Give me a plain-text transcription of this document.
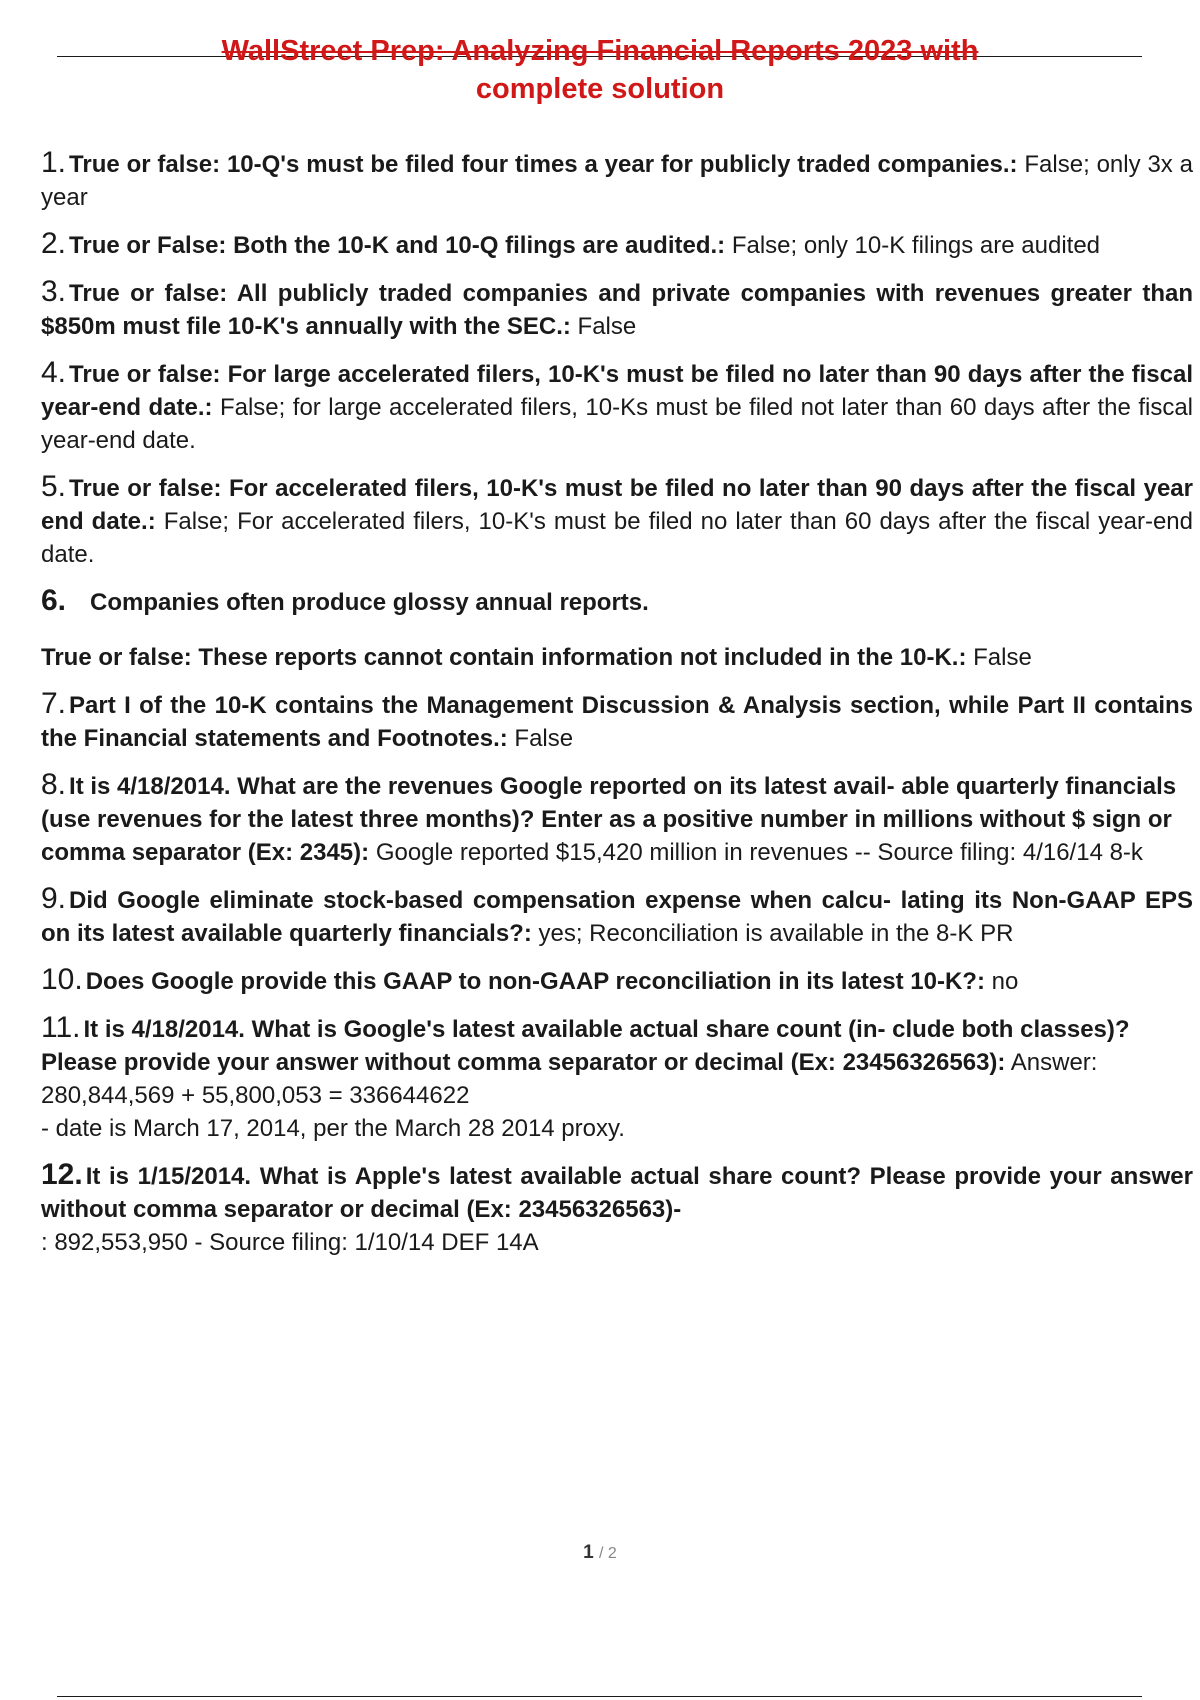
WallStreet Prep: Analyzing Financial Reports 2023 with
complete solution

1. True or false: 10-Q's must be filed four times a year for publicly traded companies.: False; only 3x a year

2. True or False: Both the 10-K and 10-Q filings are audited.: False; only 10-K filings are audited

3. True or false: All publicly traded companies and private companies with revenues greater than $850m must file 10-K's annually with the SEC.: False

4. True or false: For large accelerated filers, 10-K's must be filed no later than 90 days after the fiscal year-end date.: False; for large accelerated filers, 10-Ks must be filed not later than 60 days after the fiscal year-end date.

5. True or false: For accelerated filers, 10-K's must be filed no later than 90 days after the fiscal year end date.: False; For accelerated filers, 10-K's must be filed no later than 60 days after the fiscal year-end date.

6. Companies often produce glossy annual reports.

True or false: These reports cannot contain information not included in the 10-K.: False

7. Part I of the 10-K contains the Management Discussion & Analysis section, while Part II contains the Financial statements and Footnotes.: False

8. It is 4/18/2014. What are the revenues Google reported on its latest avail- able quarterly financials (use revenues for the latest three months)? Enter as a positive number in millions without $ sign or comma separator (Ex: 2345): Google reported $15,420 million in revenues -- Source filing: 4/16/14 8-k

9. Did Google eliminate stock-based compensation expense when calcu- lating its Non-GAAP EPS on its latest available quarterly financials?: yes; Reconciliation is available in the 8-K PR

10. Does Google provide this GAAP to non-GAAP reconciliation in its latest 10-K?: no

11. It is 4/18/2014. What is Google's latest available actual share count (in- clude both classes)? Please provide your answer without comma separator or decimal (Ex: 23456326563): Answer: 280,844,569 + 55,800,053 = 336644622
- date is March 17, 2014, per the March 28 2014 proxy.

12. It is 1/15/2014. What is Apple's latest available actual share count? Please provide your answer without comma separator or decimal (Ex: 23456326563)-
: 892,553,950 - Source filing: 1/10/14 DEF 14A

1 / 2
